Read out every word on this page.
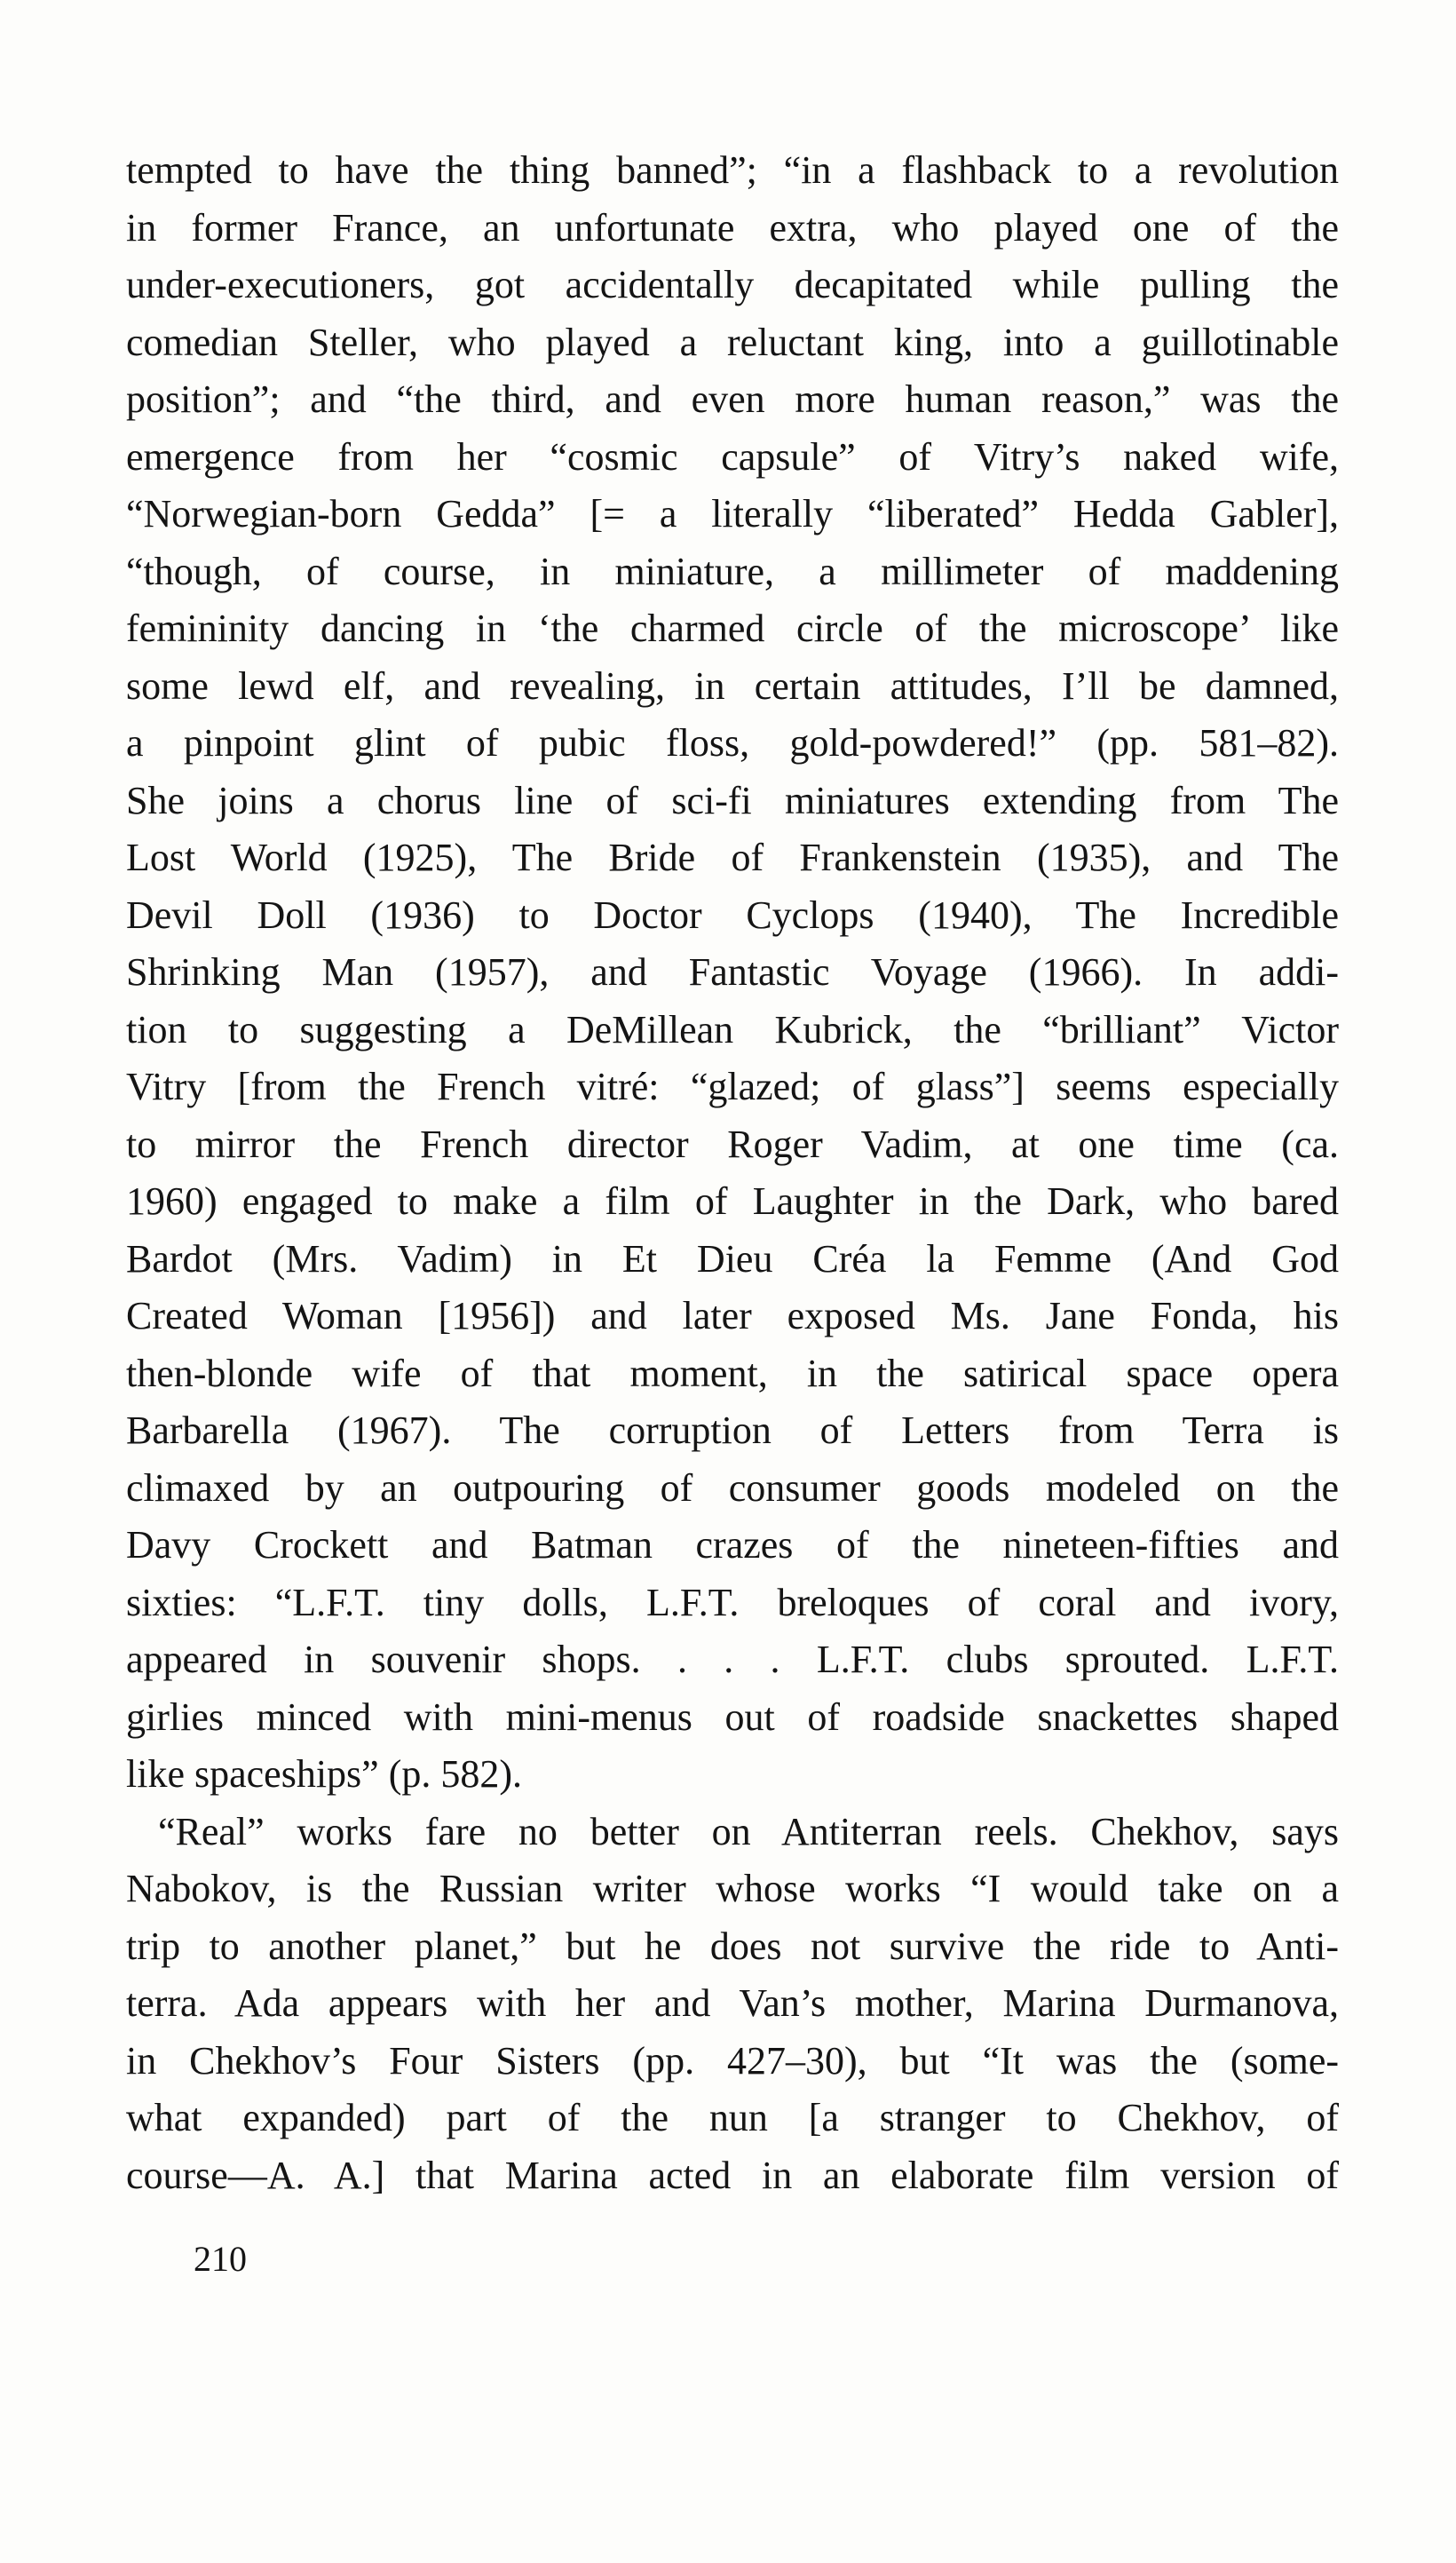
tempted to have the thing banned”; “in a flashback to a revolution
in former France, an unfortunate extra, who played one of the
under-executioners, got accidentally decapitated while pulling the
comedian Steller, who played a reluctant king, into a guillotinable
position”; and “the third, and even more human reason,” was the
emergence from her “cosmic capsule” of Vitry’s naked wife,
“Norwegian-born Gedda” [= a literally “liberated” Hedda Gabler],
“though, of course, in miniature, a millimeter of maddening
femininity dancing in ‘the charmed circle of the microscope’ like
some lewd elf, and revealing, in certain attitudes, I’ll be damned,
a pinpoint glint of pubic floss, gold-powdered!” (pp. 581–82).
She joins a chorus line of sci-fi miniatures extending from The
Lost World (1925), The Bride of Frankenstein (1935), and The
Devil Doll (1936) to Doctor Cyclops (1940), The Incredible
Shrinking Man (1957), and Fantastic Voyage (1966). In addi-
tion to suggesting a DeMillean Kubrick, the “brilliant” Victor
Vitry [from the French vitré: “glazed; of glass”] seems especially
to mirror the French director Roger Vadim, at one time (ca.
1960) engaged to make a film of Laughter in the Dark, who bared
Bardot (Mrs. Vadim) in Et Dieu Créa la Femme (And God
Created Woman [1956]) and later exposed Ms. Jane Fonda, his
then-blonde wife of that moment, in the satirical space opera
Barbarella (1967). The corruption of Letters from Terra is
climaxed by an outpouring of consumer goods modeled on the
Davy Crockett and Batman crazes of the nineteen-fifties and
sixties: “L.F.T. tiny dolls, L.F.T. breloques of coral and ivory,
appeared in souvenir shops. . . . L.F.T. clubs sprouted. L.F.T.
girlies minced with mini-menus out of roadside snackettes shaped
like spaceships” (p. 582).
“Real” works fare no better on Antiterran reels. Chekhov, says
Nabokov, is the Russian writer whose works “I would take on a
trip to another planet,” but he does not survive the ride to Anti-
terra. Ada appears with her and Van’s mother, Marina Durmanova,
in Chekhov’s Four Sisters (pp. 427–30), but “It was the (some-
what expanded) part of the nun [a stranger to Chekhov, of
course—A. A.] that Marina acted in an elaborate film version of
210
